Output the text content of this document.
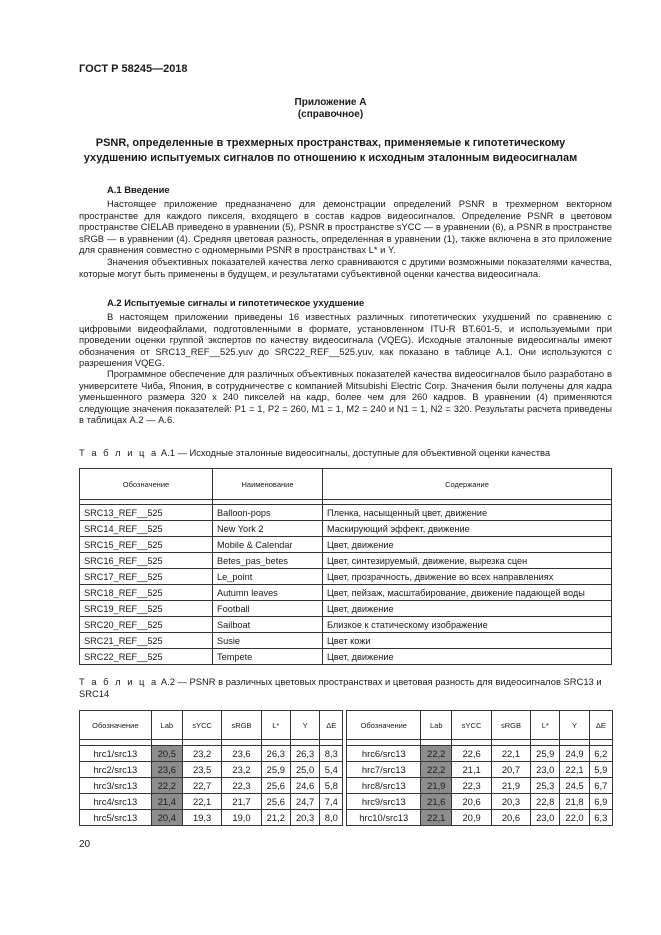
ГОСТ Р 58245—2018
Приложение А
(справочное)
PSNR, определенные в трехмерных пространствах, применяемые к гипотетическому
ухудшению испытуемых сигналов по отношению к исходным эталонным видеосигналам
А.1 Введение
Настоящее приложение предназначено для демонстрации определений PSNR в трехмерном векторном пространстве для каждого пикселя, входящего в состав кадров видеосигналов. Определение PSNR в цветовом пространстве CIELAB приведено в уравнении (5), PSNR в пространстве sYCC — в уравнении (6), а PSNR в пространстве sRGB — в уравнении (4). Средняя цветовая разность, определенная в уравнении (1), также включена в это приложение для сравнения совместно с одномерными PSNR в пространствах L* и Y.
Значения объективных показателей качества легко сравниваются с другими возможными показателями качества, которые могут быть применены в будущем, и результатами субъективной оценки качества видеосигнала.
А.2 Испытуемые сигналы и гипотетическое ухудшение
В настоящем приложении приведены 16 известных различных гипотетических ухудшений по сравнению с цифровыми видеофайлами, подготовленными в формате, установленном ITU-R BT.601-5, и используемыми при проведении оценки группой экспертов по качеству видеосигнала (VQEG). Исходные эталонные видеосигналы имеют обозначения от SRC13_REF__525.yuv до SRC22_REF__525.yuv, как показано в таблице А.1. Они используются с разрешения VQEG.
Программное обеспечение для различных объективных показателей качества видеосигналов было разработано в университете Чиба, Япония, в сотрудничестве с компанией Mitsubishi Electric Corp. Значения были получены для кадра уменьшенного размера 320 x 240 пикселей на кадр, более чем для 260 кадров. В уравнении (4) применяются следующие значения показателей: P1 = 1, P2 = 260, M1 = 1, M2 = 240 и N1 = 1, N2 = 320. Результаты расчета приведены в таблицах А.2 — А.6.
Т а б л и ц а А.1 — Исходные эталонные видеосигналы, доступные для объективной оценки качества
Обозначение	Наименование	Содержание

SRC13_REF__525	Balloon-pops	Пленка, насыщенный цвет, движение
SRC14_REF__525	New York 2	Маскирующий эффект, движение
SRC15_REF__525	Mobile & Calendar	Цвет, движение
SRC16_REF__525	Betes_pas_betes	Цвет, синтезируемый, движение, вырезка сцен
SRC17_REF__525	Le_point	Цвет, прозрачность, движение во всех направлениях
SRC18_REF__525	Autumn leaves	Цвет, пейзаж, масштабирование, движение падающей воды
SRC19_REF__525	Football	Цвет, движение
SRC20_REF__525	Sailboat	Близкое к статическому изображение
SRC21_REF__525	Susie	Цвет кожи
SRC22_REF__525	Tempete	Цвет, движение
Т а б л и ц а А.2 — PSNR в различных цветовых пространствах и цветовая разность для видеосигналов SRC13 и SRC14
Обозначение	Lab	sYCC	sRGB	L*	Y	ΔE		Обозначение	Lab	sYCC	sRGB	L*	Y	ΔE

hrc1/src13	20,5	23,2	23,6	26,3	26,3	8,3		hrc6/src13	22,2	22,6	22,1	25,9	24,9	6,2
hrc2/src13	23,6	23,5	23,2	25,9	25,0	5,4		hrc7/src13	22,2	21,1	20,7	23,0	22,1	5,9
hrc3/src13	22,2	22,7	22,3	25,6	24,6	5,8		hrc8/src13	21,9	22,3	21,9	25,3	24,5	6,7
hrc4/src13	21,4	22,1	21,7	25,6	24,7	7,4		hrc9/src13	21,6	20,6	20,3	22,8	21,8	6,9
hrc5/src13	20,4	19,3	19,0	21,2	20,3	8,0		hrc10/src13	22,1	20,9	20,6	23,0	22,0	6,3
20
